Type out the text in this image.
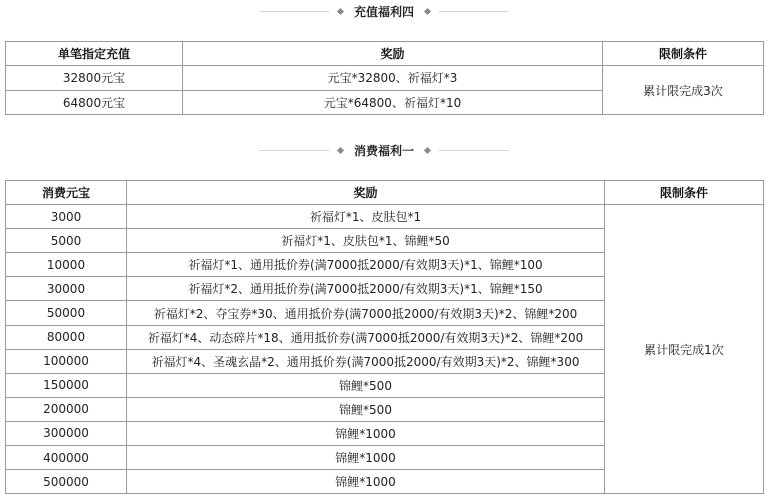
充值福利四
单笔指定充值	奖励	限制条件
32800元宝	元宝*32800、祈福灯*3	累计限完成3次
64800元宝	元宝*64800、祈福灯*10	
消费福利一
消费元宝	奖励	限制条件
3000	祈福灯*1、皮肤包*1	累计限完成1次
5000	祈福灯*1、皮肤包*1、锦鲤*50	
10000	祈福灯*1、通用抵价券(满7000抵2000/有效期3天)*1、锦鲤*100	
30000	祈福灯*2、通用抵价券(满7000抵2000/有效期3天)*1、锦鲤*150	
50000	祈福灯*2、夺宝券*30、通用抵价券(满7000抵2000/有效期3天)*2、锦鲤*200	
80000	祈福灯*4、动态碎片*18、通用抵价券(满7000抵2000/有效期3天)*2、锦鲤*200	
100000	祈福灯*4、圣魂玄晶*2、通用抵价券(满7000抵2000/有效期3天)*2、锦鲤*300	
150000	锦鲤*500	
200000	锦鲤*500	
300000	锦鲤*1000	
400000	锦鲤*1000	
500000	锦鲤*1000	
